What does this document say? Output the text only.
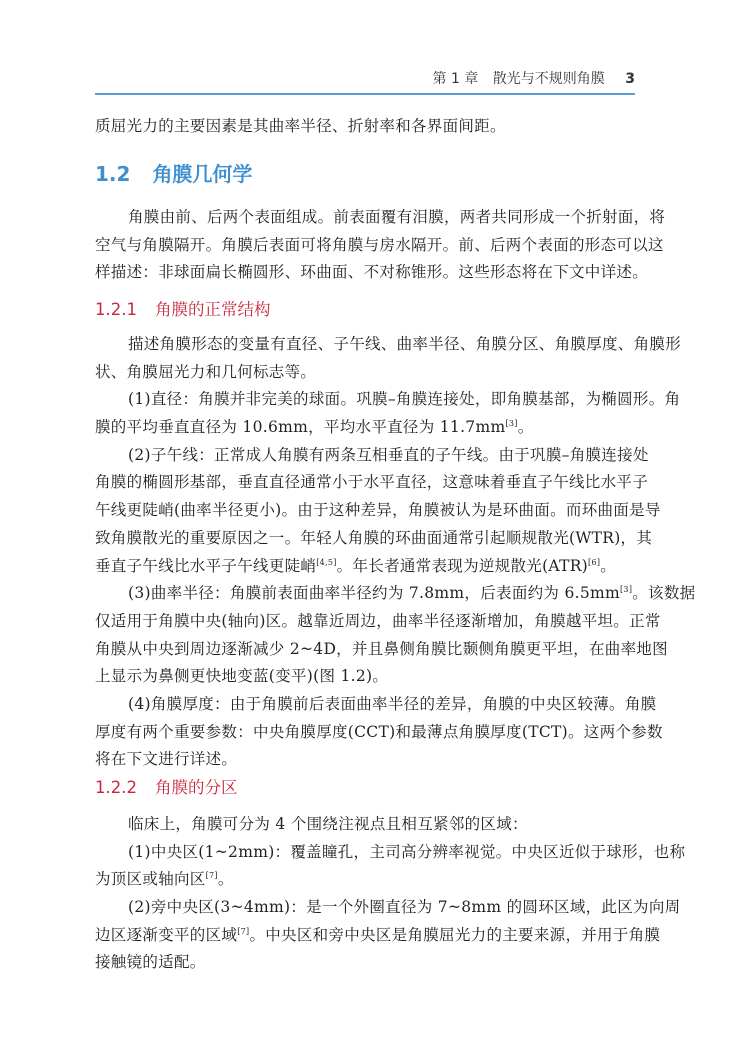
第 1 章 散光与不规则角膜 3
质屈光力的主要因素是其曲率半径、折射率和各界面间距。
1.2 角膜几何学
角膜由前、后两个表面组成。前表面覆有泪膜，两者共同形成一个折射面，将
空气与角膜隔开。角膜后表面可将角膜与房水隔开。前、后两个表面的形态可以这
样描述：非球面扁长椭圆形、环曲面、不对称锥形。这些形态将在下文中详述。
1.2.1 角膜的正常结构
描述角膜形态的变量有直径、子午线、曲率半径、角膜分区、角膜厚度、角膜形
状、角膜屈光力和几何标志等。
(1)直径：角膜并非完美的球面。巩膜–角膜连接处，即角膜基部，为椭圆形。角
膜的平均垂直直径为 10.6mm，平均水平直径为 11.7mm[3]。
(2)子午线：正常成人角膜有两条互相垂直的子午线。由于巩膜–角膜连接处
角膜的椭圆形基部，垂直直径通常小于水平直径，这意味着垂直子午线比水平子
午线更陡峭(曲率半径更小)。由于这种差异，角膜被认为是环曲面。而环曲面是导
致角膜散光的重要原因之一。年轻人角膜的环曲面通常引起顺规散光(WTR)，其
垂直子午线比水平子午线更陡峭[4,5]。年长者通常表现为逆规散光(ATR)[6]。
(3)曲率半径：角膜前表面曲率半径约为 7.8mm，后表面约为 6.5mm[3]。该数据
仅适用于角膜中央(轴向)区。越靠近周边，曲率半径逐渐增加，角膜越平坦。正常
角膜从中央到周边逐渐减少 2~4D，并且鼻侧角膜比颞侧角膜更平坦，在曲率地图
上显示为鼻侧更快地变蓝(变平)(图 1.2)。
(4)角膜厚度：由于角膜前后表面曲率半径的差异，角膜的中央区较薄。角膜
厚度有两个重要参数：中央角膜厚度(CCT)和最薄点角膜厚度(TCT)。这两个参数
将在下文进行详述。
1.2.2 角膜的分区
临床上，角膜可分为 4 个围绕注视点且相互紧邻的区域：
(1)中央区(1~2mm)：覆盖瞳孔，主司高分辨率视觉。中央区近似于球形，也称
为顶区或轴向区[7]。
(2)旁中央区(3~4mm)：是一个外圈直径为 7~8mm 的圆环区域，此区为向周
边区逐渐变平的区域[7]。中央区和旁中央区是角膜屈光力的主要来源，并用于角膜
接触镜的适配。
